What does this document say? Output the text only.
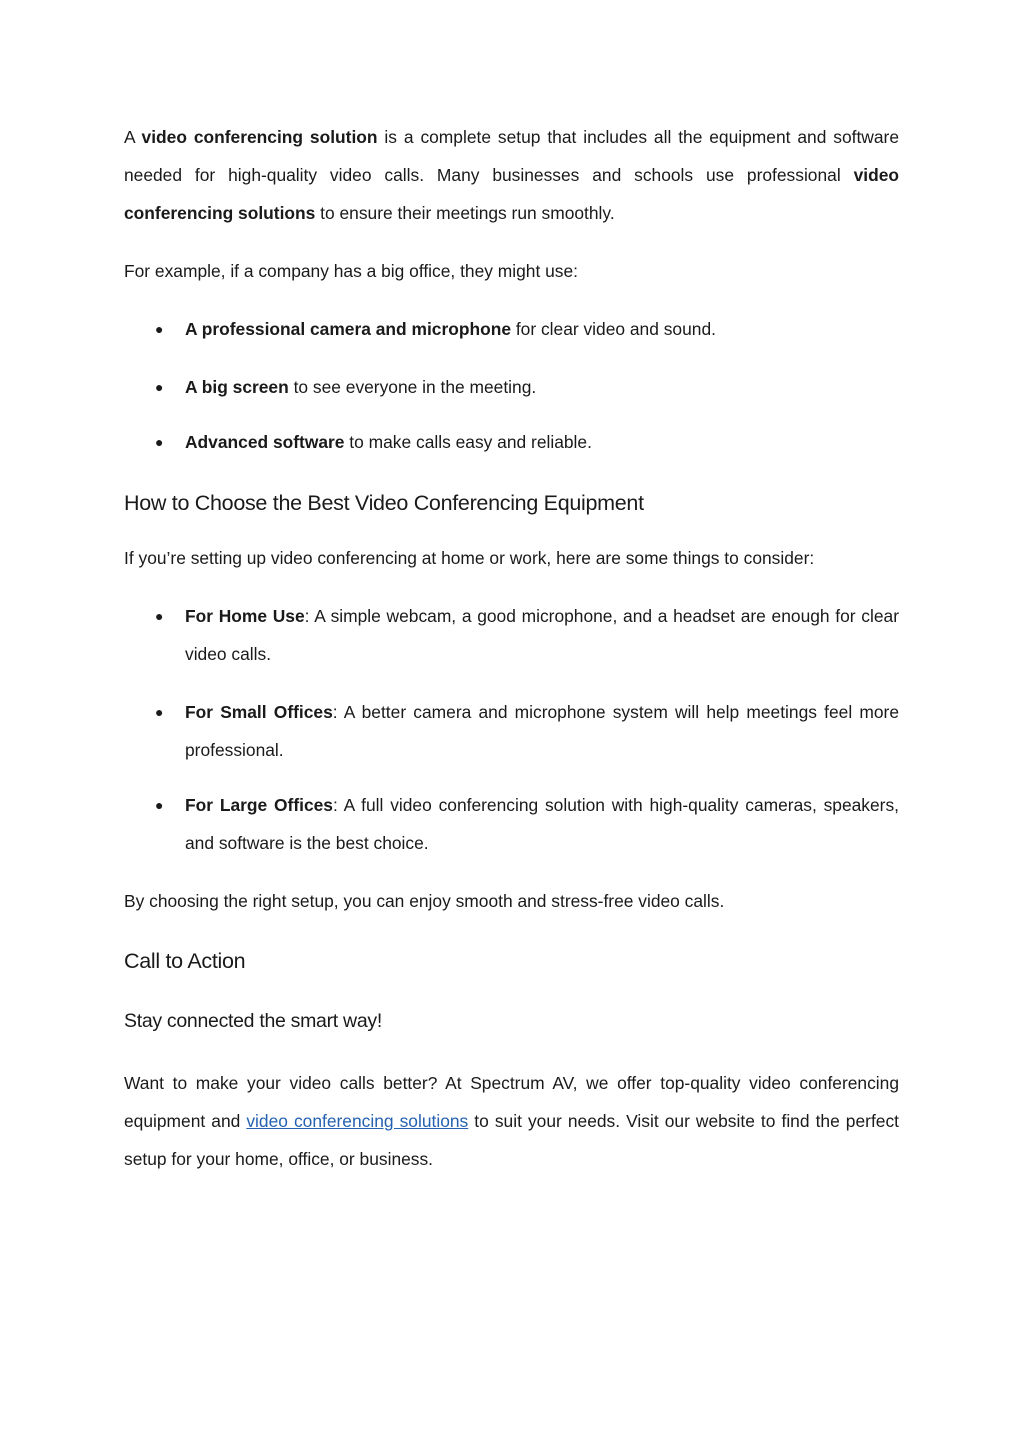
A video conferencing solution is a complete setup that includes all the equipment and software needed for high-quality video calls. Many businesses and schools use professional video conferencing solutions to ensure their meetings run smoothly.

For example, if a company has a big office, they might use:

● A professional camera and microphone for clear video and sound.
● A big screen to see everyone in the meeting.
● Advanced software to make calls easy and reliable.
How to Choose the Best Video Conferencing Equipment

If you’re setting up video conferencing at home or work, here are some things to consider:

● For Home Use: A simple webcam, a good microphone, and a headset are enough for clear video calls.
● For Small Offices: A better camera and microphone system will help meetings feel more professional.
● For Large Offices: A full video conferencing solution with high-quality cameras, speakers, and software is the best choice.

By choosing the right setup, you can enjoy smooth and stress-free video calls.

Call to Action
Stay connected the smart way!

Want to make your video calls better? At Spectrum AV, we offer top-quality video conferencing equipment and video conferencing solutions to suit your needs. Visit our website to find the perfect setup for your home, office, or business.
